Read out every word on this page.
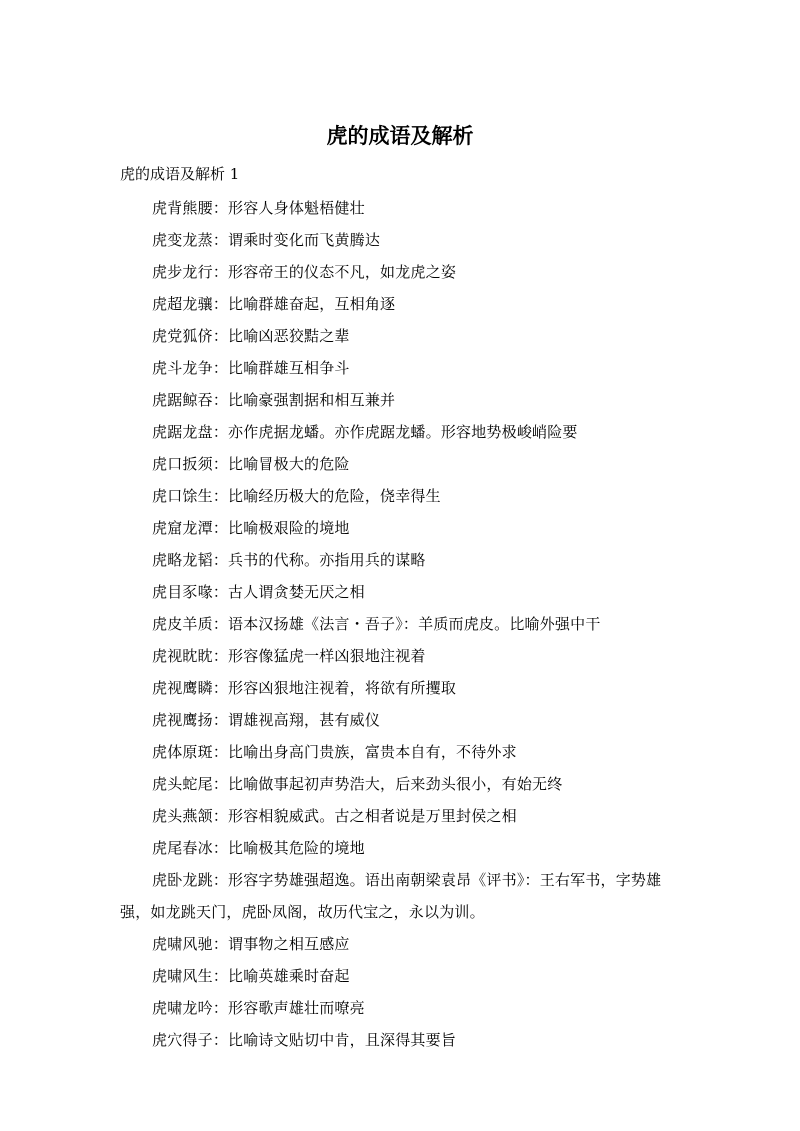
虎的成语及解析
虎的成语及解析 1
虎背熊腰：形容人身体魁梧健壮
虎变龙蒸：谓乘时变化而飞黄腾达
虎步龙行：形容帝王的仪态不凡，如龙虎之姿
虎超龙骧：比喻群雄奋起，互相角逐
虎党狐侪：比喻凶恶狡黠之辈
虎斗龙争：比喻群雄互相争斗
虎踞鲸吞：比喻豪强割据和相互兼并
虎踞龙盘：亦作虎据龙蟠。亦作虎踞龙蟠。形容地势极峻峭险要
虎口扳须：比喻冒极大的危险
虎口馀生：比喻经历极大的危险，侥幸得生
虎窟龙潭：比喻极艰险的境地
虎略龙韬：兵书的代称。亦指用兵的谋略
虎目豕喙：古人谓贪婪无厌之相
虎皮羊质：语本汉扬雄《法言・吾子》：羊质而虎皮。比喻外强中干
虎视眈眈：形容像猛虎一样凶狠地注视着
虎视鹰瞵：形容凶狠地注视着，将欲有所攫取
虎视鹰扬：谓雄视高翔，甚有威仪
虎体原斑：比喻出身高门贵族，富贵本自有，不待外求
虎头蛇尾：比喻做事起初声势浩大，后来劲头很小，有始无终
虎头燕颔：形容相貌威武。古之相者说是万里封侯之相
虎尾春冰：比喻极其危险的境地
虎卧龙跳：形容字势雄强超逸。语出南朝梁袁昂《评书》：王右军书，字势雄强，如龙跳天门，虎卧凤阁，故历代宝之，永以为训。
虎啸风驰：谓事物之相互感应
虎啸风生：比喻英雄乘时奋起
虎啸龙吟：形容歌声雄壮而嘹亮
虎穴得子：比喻诗文贴切中肯，且深得其要旨
